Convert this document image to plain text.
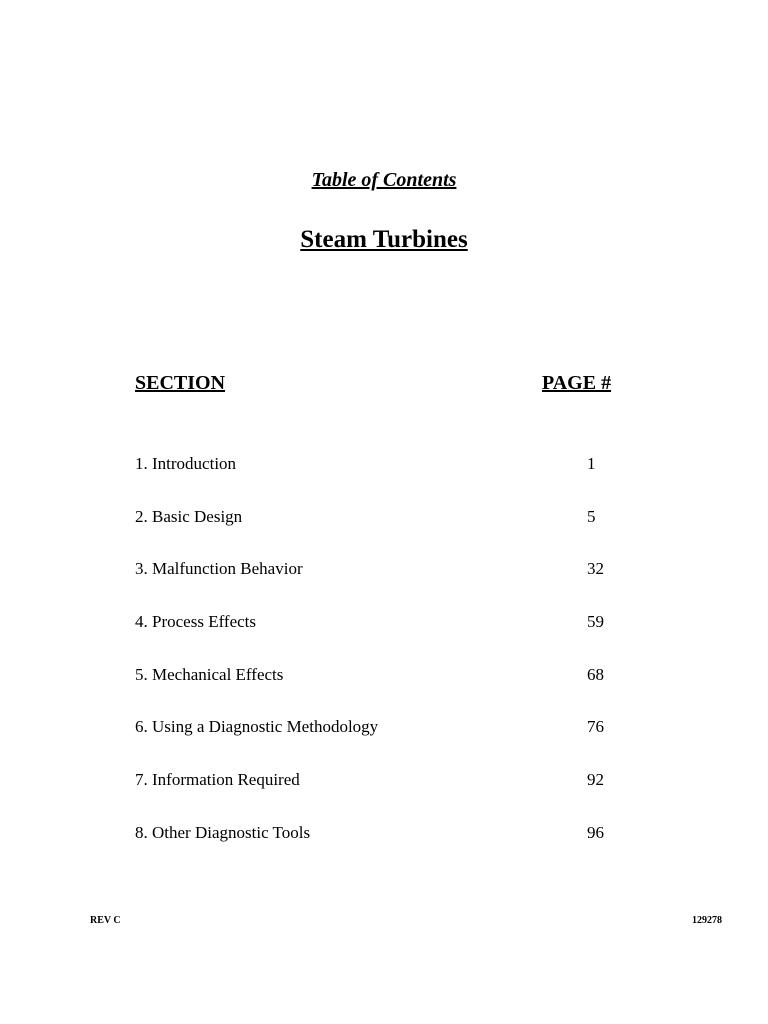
Table of Contents
Steam Turbines
SECTION	PAGE #
1. Introduction	1
2. Basic Design	5
3. Malfunction Behavior	32
4. Process Effects	59
5. Mechanical Effects	68
6. Using a Diagnostic Methodology	76
7. Information Required	92
8. Other Diagnostic Tools	96
REV C	129278
